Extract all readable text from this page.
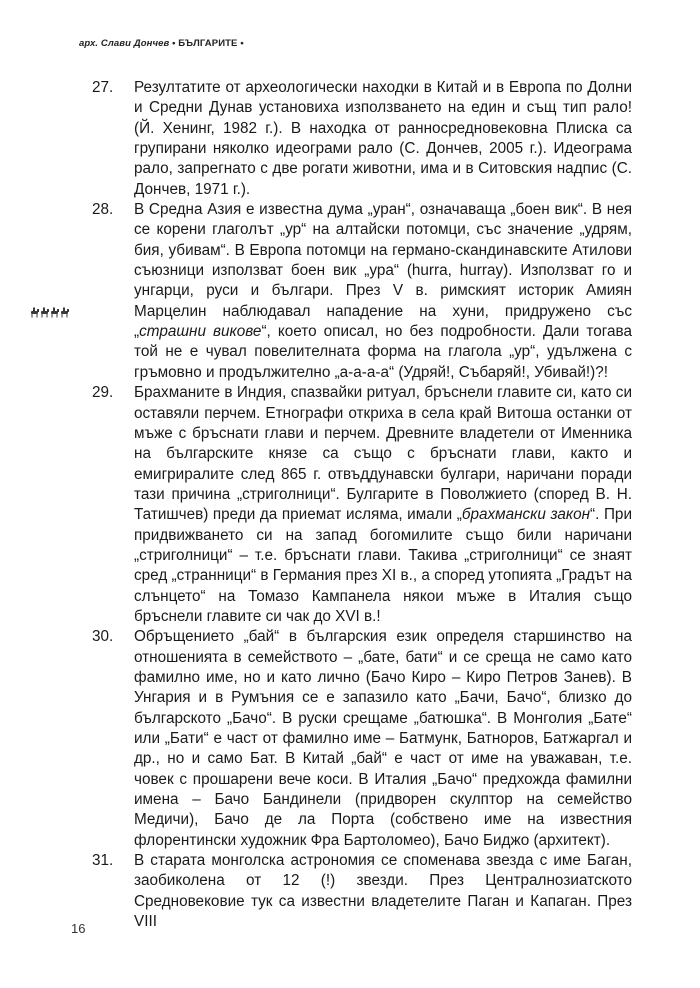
арх. Слави Дончев • БЪЛГАРИТЕ •
27.	Резултатите от археологически находки в Китай и в Европа по Долни и Средни Дунав установиха използването на един и същ тип рало! (Й. Хенинг, 1982 г.). В находка от ранносредновековна Плиска са групирани няколко идеограми рало (С. Дончев, 2005 г.). Идеограма рало, запрегнато с две рогати животни, има и в Ситовския надпис (С. Дончев, 1971 г.).
28.	В Средна Азия е известна дума „уран“, означаваща „боен вик“. В нея се корени глаголът „ур“ на алтайски потомци, със значение „удрям, бия, убивам“. В Европа потомци на германо-скандинавските Атилови съюзници използват боен вик „ура“ (hurra, hurray). Използват го и унгарци, руси и българи. През V в. римският историк Амиян Марцелин наблюдавал нападение на хуни, придружено със „страшни викове“, което описал, но без подробности. Дали тогава той не е чувал повелителната форма на глагола „ур“, удължена с гръмовно и продължително „а-а-а-а“ (Удряй!, Събаряй!, Убивай!)?!
29.	Брахманите в Индия, спазвайки ритуал, бръснели главите си, като си оставяли перчем. Етнографи откриха в села край Витоша останки от мъже с бръснати глави и перчем. Древните владетели от Именника на българските князе са също с бръснати глави, както и емигриралите след 865 г. отвъддунавски булгари, наричани поради тази причина „стриголници“. Булгарите в Поволжието (според В. Н. Татишчев) преди да приемат исляма, имали „брахмански закон“. При придвижването си на запад богомилите също били наричани „стриголници“ – т.е. бръснати глави. Такива „стриголници“ се знаят сред „странници“ в Германия през XI в., а според утопията „Градът на слънцето“ на Томазо Кампанела някои мъже в Италия също бръснели главите си чак до XVI в.!
30.	Обръщението „бай“ в българския език определя старшинство на отношенията в семейството – „бате, бати“ и се среща не само като фамилно име, но и като лично (Бачо Киро – Киро Петров Занев). В Унгария и в Румъния се е запазило като „Бачи, Бачо“, близко до българското „Бачо“. В руски срещаме „батюшка“. В Монголия „Бате“ или „Бати“ е част от фамилно име – Батмунк, Батнoров, Батжаргал и др., но и само Бат. В Китай „бай“ е част от име на уважаван, т.е. човек с прошарени вече коси. В Италия „Бачо“ предхожда фамилни имена – Бачо Бандинели (придворен скулптор на семейство Медичи), Бачо де ла Порта (собствено име на известния флорентински художник Фра Бартоломео), Бачо Биджо (архитект).
31.	В старата монголска астрономия се споменава звезда с име Баган, заобиколена от 12 (!) звезди. През Централнoзиатското Средновековие тук са известни владетелите Паган и Капаган. През VIII
16
